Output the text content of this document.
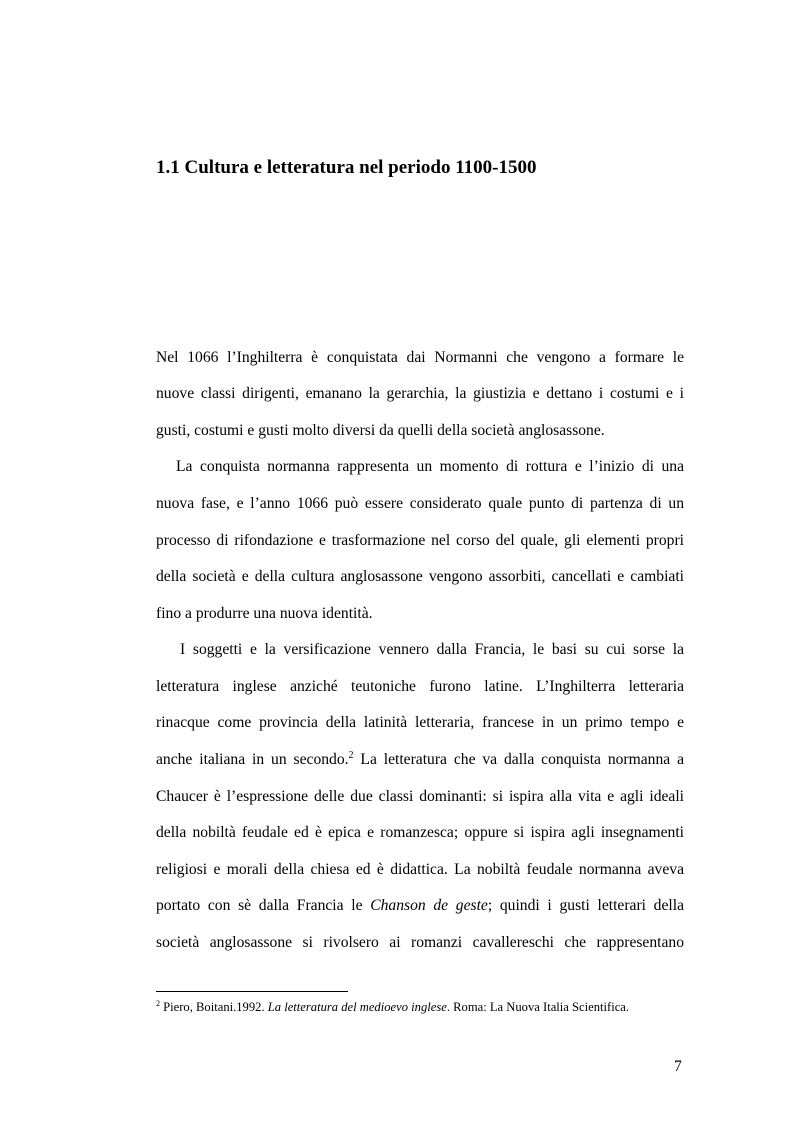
1.1 Cultura e letteratura nel periodo 1100-1500
Nel 1066 l’Inghilterra è conquistata dai Normanni che vengono a formare le
nuove classi dirigenti, emanano la gerarchia, la giustizia e dettano i costumi e i
gusti, costumi e gusti molto diversi da quelli della società anglosassone.
La conquista normanna rappresenta un momento di rottura e l’inizio di una
nuova fase, e l’anno 1066 può essere considerato quale punto di partenza di un
processo di rifondazione e trasformazione nel corso del quale, gli elementi propri
della società e della cultura anglosassone vengono assorbiti, cancellati e cambiati
fino a produrre una nuova identità.
I soggetti e la versificazione vennero dalla Francia, le basi su cui sorse la
letteratura inglese anziché teutoniche furono latine. L’Inghilterra letteraria
rinacque come provincia della latinità letteraria, francese in un primo tempo e
anche italiana in un secondo.$^2$ La letteratura che va dalla conquista normanna a
Chaucer è l’espressione delle due classi dominanti: si ispira alla vita e agli ideali
della nobiltà feudale ed è epica e romanzesca; oppure si ispira agli insegnamenti
religiosi e morali della chiesa ed è didattica. La nobiltà feudale normanna aveva
portato con sè dalla Francia le Chanson de geste; quindi i gusti letterari della
società anglosassone si rivolsero ai romanzi cavallereschi che rappresentano
$^2$ Piero, Boitani.1992. La letteratura del medioevo inglese. Roma: La Nuova Italia Scientifica.
7
